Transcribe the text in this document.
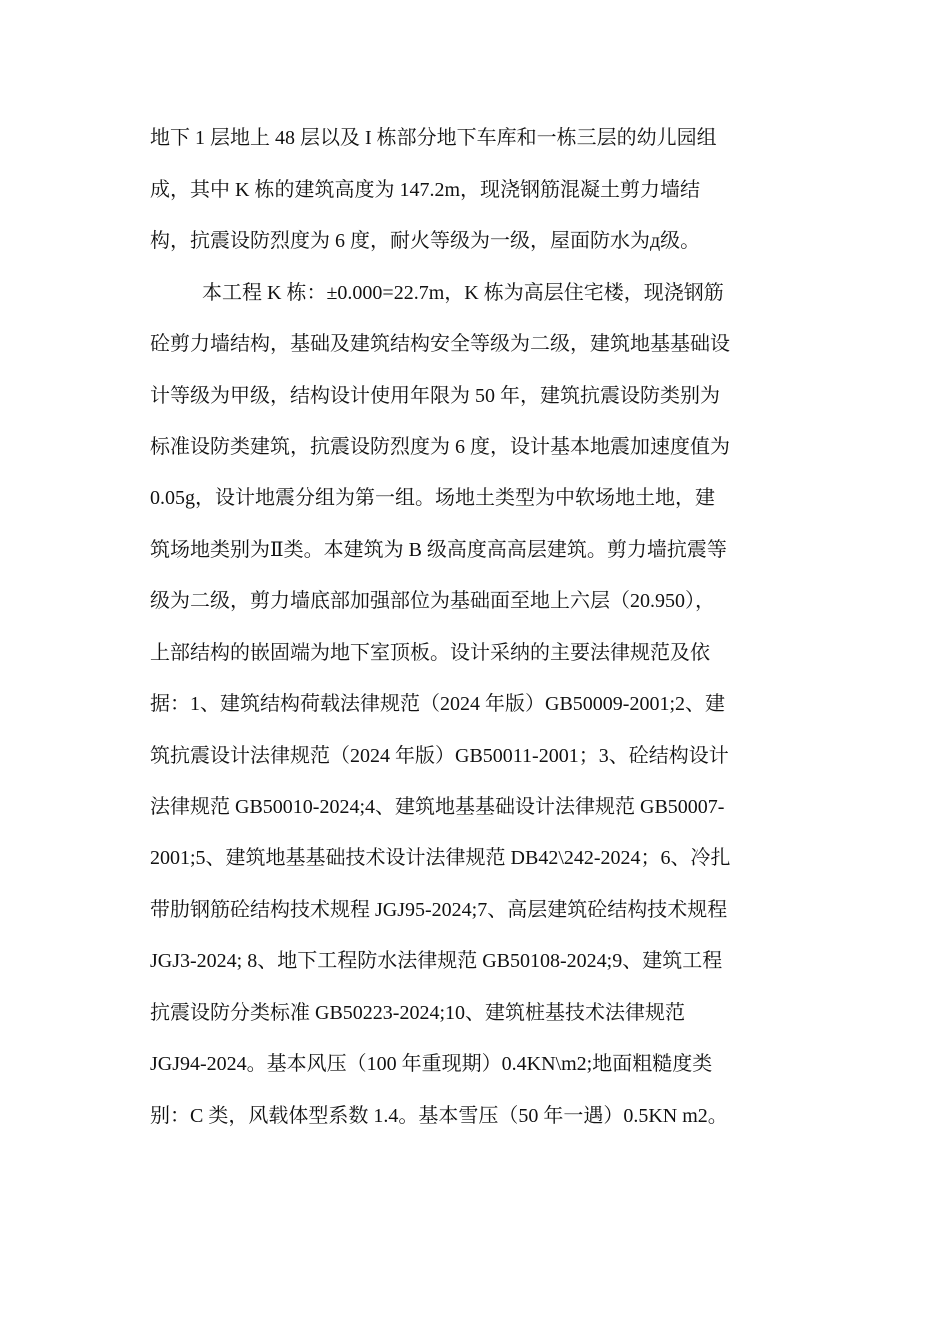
地下 1 层地上 48 层以及 I 栋部分地下车库和一栋三层的幼儿园组
成，其中 K 栋的建筑高度为 147.2m，现浇钢筋混凝土剪力墙结
构，抗震设防烈度为 6 度，耐火等级为一级，屋面防水为д级。
本工程 K 栋：±0.000=22.7m，K 栋为高层住宅楼，现浇钢筋
砼剪力墙结构，基础及建筑结构安全等级为二级，建筑地基基础设
计等级为甲级，结构设计使用年限为 50 年，建筑抗震设防类别为
标准设防类建筑，抗震设防烈度为 6 度，设计基本地震加速度值为
0.05g，设计地震分组为第一组。场地土类型为中软场地土地，建
筑场地类别为Ⅱ类。本建筑为 B 级高度高高层建筑。剪力墙抗震等
级为二级，剪力墙底部加强部位为基础面至地上六层（20.950），
上部结构的嵌固端为地下室顶板。设计采纳的主要法律规范及依
据：1、建筑结构荷载法律规范（2024 年版）GB50009-2001;2、建
筑抗震设计法律规范（2024 年版）GB50011-2001；3、砼结构设计
法律规范 GB50010-2024;4、建筑地基基础设计法律规范 GB50007-
2001;5、建筑地基基础技术设计法律规范 DB42\242-2024；6、冷扎
带肋钢筋砼结构技术规程 JGJ95-2024;7、高层建筑砼结构技术规程
JGJ3-2024; 8、地下工程防水法律规范 GB50108-2024;9、建筑工程
抗震设防分类标准 GB50223-2024;10、建筑桩基技术法律规范
JGJ94-2024。基本风压（100 年重现期）0.4KN\m2;地面粗糙度类
别：C 类，风载体型系数 1.4。基本雪压（50 年一遇）0.5KN m2。
